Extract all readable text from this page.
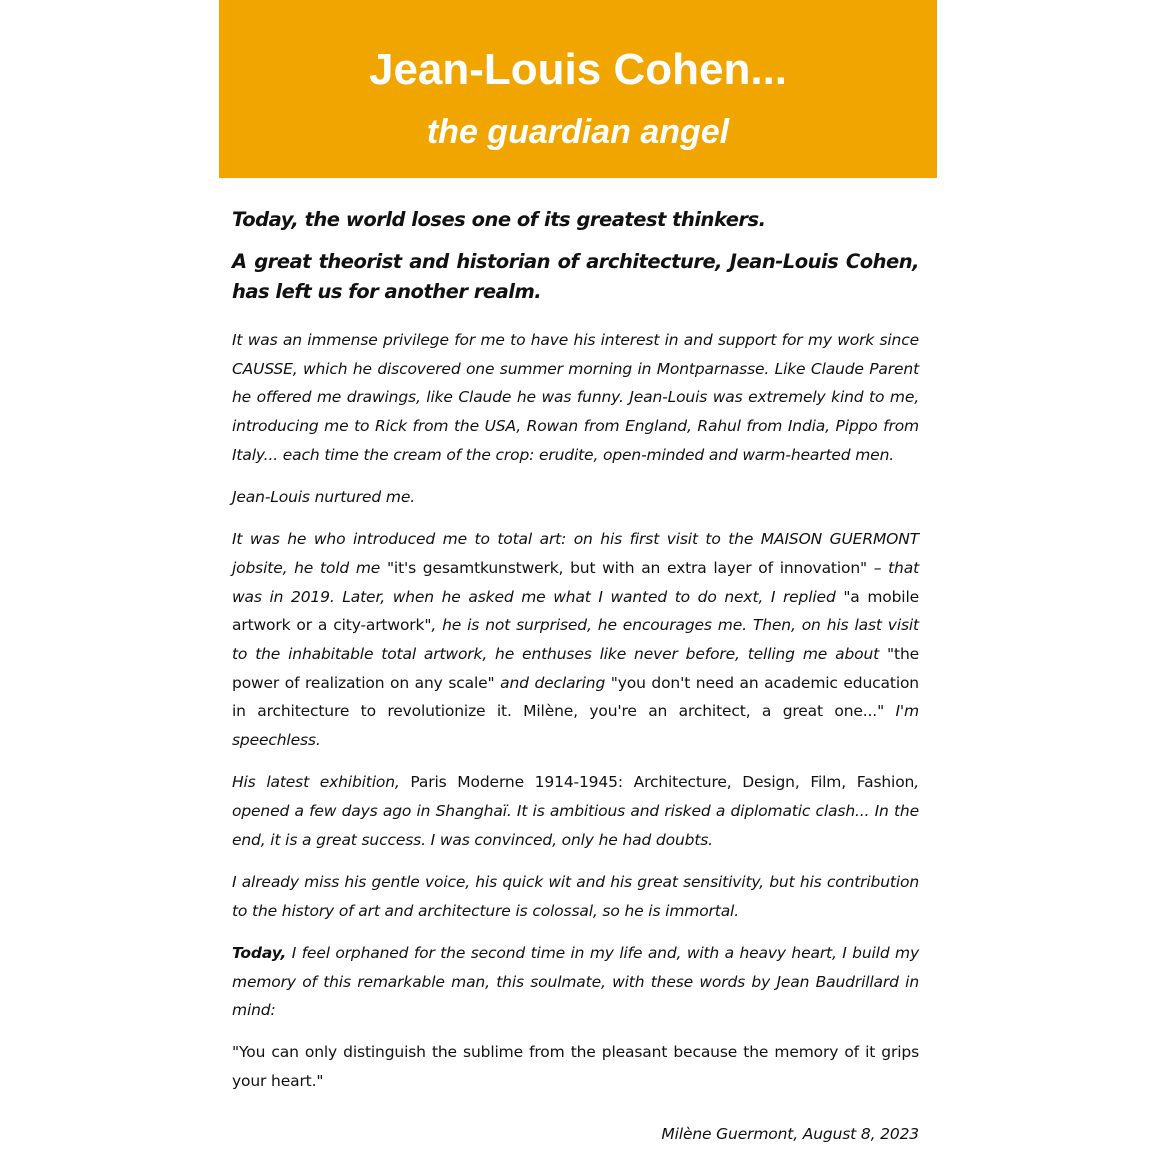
Jean-Louis Cohen...
the guardian angel

Today, the world loses one of its greatest thinkers.

A great theorist and historian of architecture, Jean-Louis Cohen, has left us for another realm.

It was an immense privilege for me to have his interest in and support for my work since CAUSSE, which he discovered one summer morning in Montparnasse. Like Claude Parent he offered me drawings, like Claude he was funny. Jean-Louis was extremely kind to me, introducing me to Rick from the USA, Rowan from England, Rahul from India, Pippo from Italy... each time the cream of the crop: erudite, open-minded and warm-hearted men.

Jean-Louis nurtured me.

It was he who introduced me to total art: on his first visit to the MAISON GUERMONT jobsite, he told me "it's gesamtkunstwerk, but with an extra layer of innovation" – that was in 2019. Later, when he asked me what I wanted to do next, I replied "a mobile artwork or a city-artwork", he is not surprised, he encourages me. Then, on his last visit to the inhabitable total artwork, he enthuses like never before, telling me about "the power of realization on any scale" and declaring "you don't need an academic education in architecture to revolutionize it. Milène, you're an architect, a great one..." I'm speechless.

His latest exhibition, Paris Moderne 1914-1945: Architecture, Design, Film, Fashion, opened a few days ago in Shanghaï. It is ambitious and risked a diplomatic clash... In the end, it is a great success. I was convinced, only he had doubts.

I already miss his gentle voice, his quick wit and his great sensitivity, but his contribution to the history of art and architecture is colossal, so he is immortal.

Today, I feel orphaned for the second time in my life and, with a heavy heart, I build my memory of this remarkable man, this soulmate, with these words by Jean Baudrillard in mind:

"You can only distinguish the sublime from the pleasant because the memory of it grips your heart."

Milène Guermont, August 8, 2023
